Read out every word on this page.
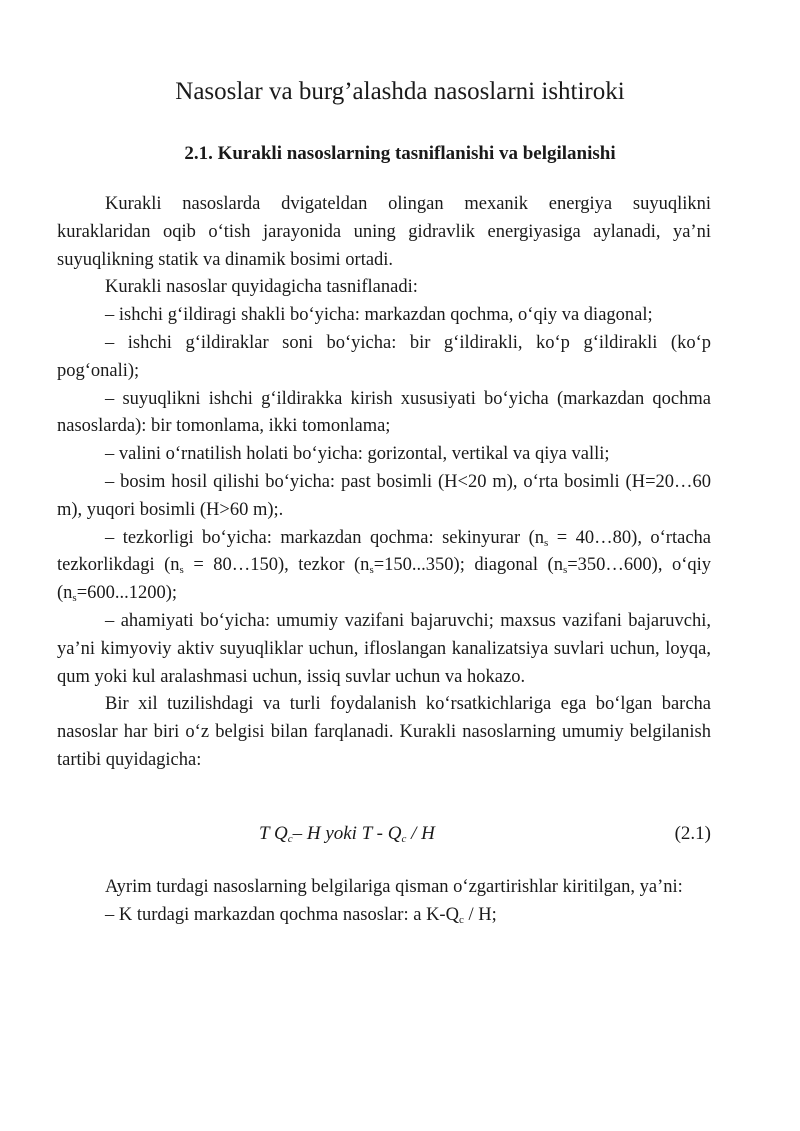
Nasoslar va burg’alashda nasoslarni ishtiroki
2.1. Kurakli nasoslarning tasniflanishi va belgilanishi

Kurakli nasoslarda dvigateldan olingan mexanik energiya suyuqlikni kuraklaridan oqib o‘tish jarayonida uning gidravlik energiyasiga aylanadi, ya’ni suyuqlikning statik va dinamik bosimi ortadi.

Kurakli nasoslar quyidagicha tasniflanadi:

– ishchi g‘ildiragi shakli bo‘yicha: markazdan qochma, o‘qiy va diagonal;

– ishchi g‘ildiraklar soni bo‘yicha: bir g‘ildirakli, ko‘p g‘ildirakli (ko‘p pog‘onali);

– suyuqlikni ishchi g‘ildirakka kirish xususiyati bo‘yicha (markazdan qochma nasoslarda): bir tomonlama, ikki tomonlama;

– valini o‘rnatilish holati bo‘yicha: gorizontal, vertikal va qiya valli;

– bosim hosil qilishi bo‘yicha: past bosimli (H<20 m), o‘rta bosimli (H=20…60 m), yuqori bosimli (H>60 m);.

– tezkorligi bo‘yicha: markazdan qochma: sekinyurar ($n_s$ = 40…80), o‘rtacha tezkorlikdagi ($n_s$ = 80…150), tezkor $(n_s=150...350)$; diagonal $(n_s=350\dots 600)$, o‘qiy $(n_s=600...1200)$;

– ahamiyati bo‘yicha: umumiy vazifani bajaruvchi; maxsus vazifani bajaruvchi, ya’ni kimyoviy aktiv suyuqliklar uchun, ifloslangan kanalizatsiya suvlari uchun, loyqa, qum yoki kul aralashmasi uchun, issiq suvlar uchun va hokazo.

Bir xil tuzilishdagi va turli foydalanish ko‘rsatkichlariga ega bo‘lgan barcha nasoslar har biri o‘z belgisi bilan farqlanadi. Kurakli nasoslarning umumiy belgilanish tartibi quyidagicha:

T $Q_c-$ H yoki T - $Q_c$ / H	(2.1)

Ayrim turdagi nasoslarning belgilariga qisman o‘zgartirishlar kiritilgan, ya’ni:

– K turdagi markazdan qochma nasoslar: a $K-Q_c$ / H;
